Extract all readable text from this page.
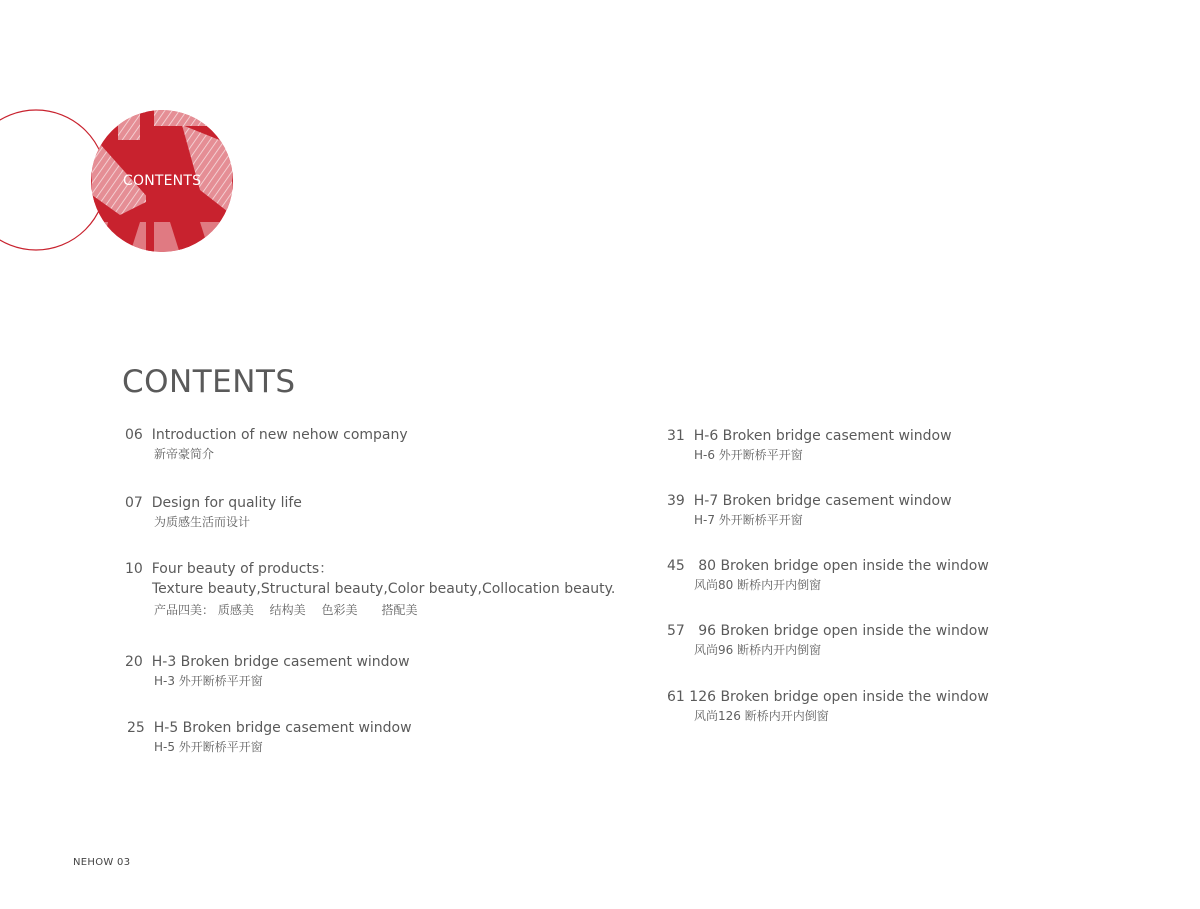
CONTENTS
CONTENTS
06 Introduction of new nehow company
新帝豪简介
07 Design for quality life
为质感生活而设计
10 Four beauty of products：
Texture beauty,Structural beauty,Color beauty,Collocation beauty.
产品四美： 质感美　 结构美　 色彩美　　搭配美
20 H-3 Broken bridge casement window
H-3 外开断桥平开窗
25 H-5 Broken bridge casement window
H-5 外开断桥平开窗
31 H-6 Broken bridge casement window
H-6 外开断桥平开窗
39 H-7 Broken bridge casement window
H-7 外开断桥平开窗
45 80 Broken bridge open inside the window
风尚80 断桥内开内倒窗
57 96 Broken bridge open inside the window
风尚96 断桥内开内倒窗
61 126 Broken bridge open inside the window
风尚126 断桥内开内倒窗
NEHOW 03
